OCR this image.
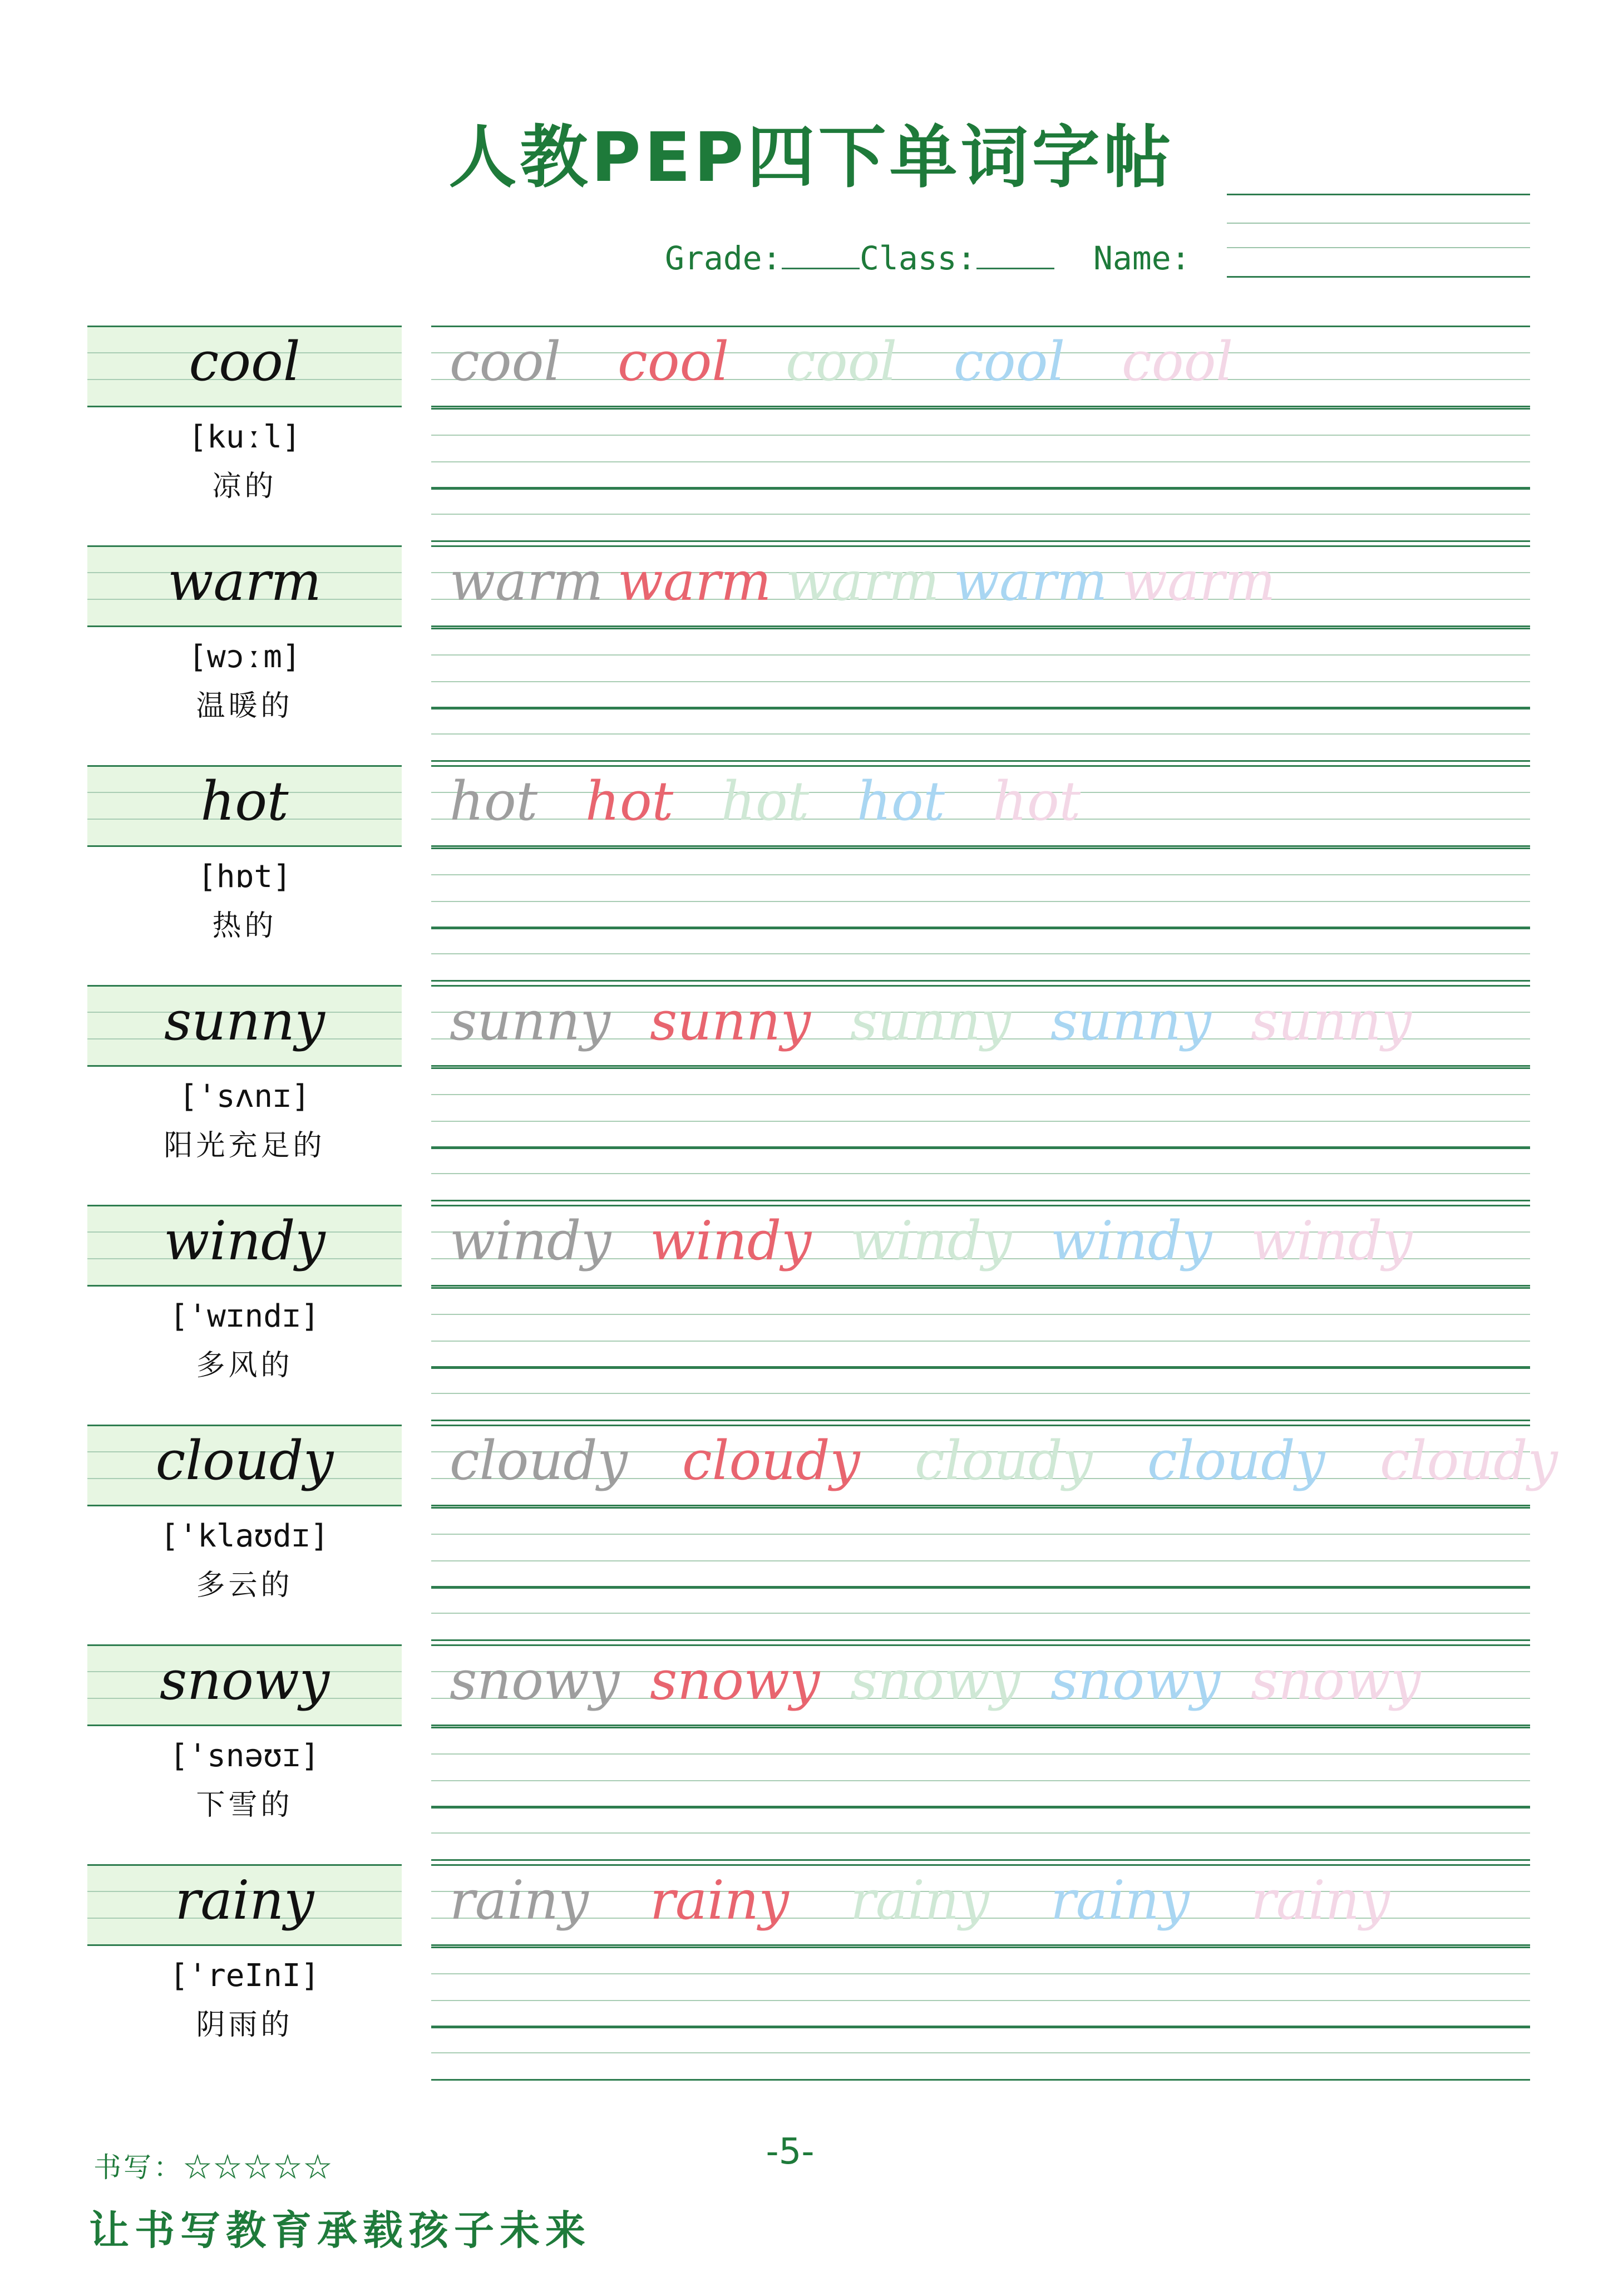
人教PEP四下单词字帖
Grade:	Class:	Name:
cool
[kuːl]
凉的
cool cool cool cool cool
warm
[wɔːm]
温暖的
warm warm warm warm warm
hot
[hɒt]
热的
hot hot hot hot hot
sunny
['sʌnɪ]
阳光充足的
sunny sunny sunny sunny sunny
windy
['wɪndɪ]
多风的
windy windy windy windy windy
cloudy
['klaʊdɪ]
多云的
cloudy cloudy cloudy cloudy cloudy
snowy
['snəʊɪ]
下雪的
snowy snowy snowy snowy snowy
rainy
['reInI]
阴雨的
rainy rainy rainy rainy rainy
书写：☆☆☆☆☆	-5-
让书写教育承载孩子未来
